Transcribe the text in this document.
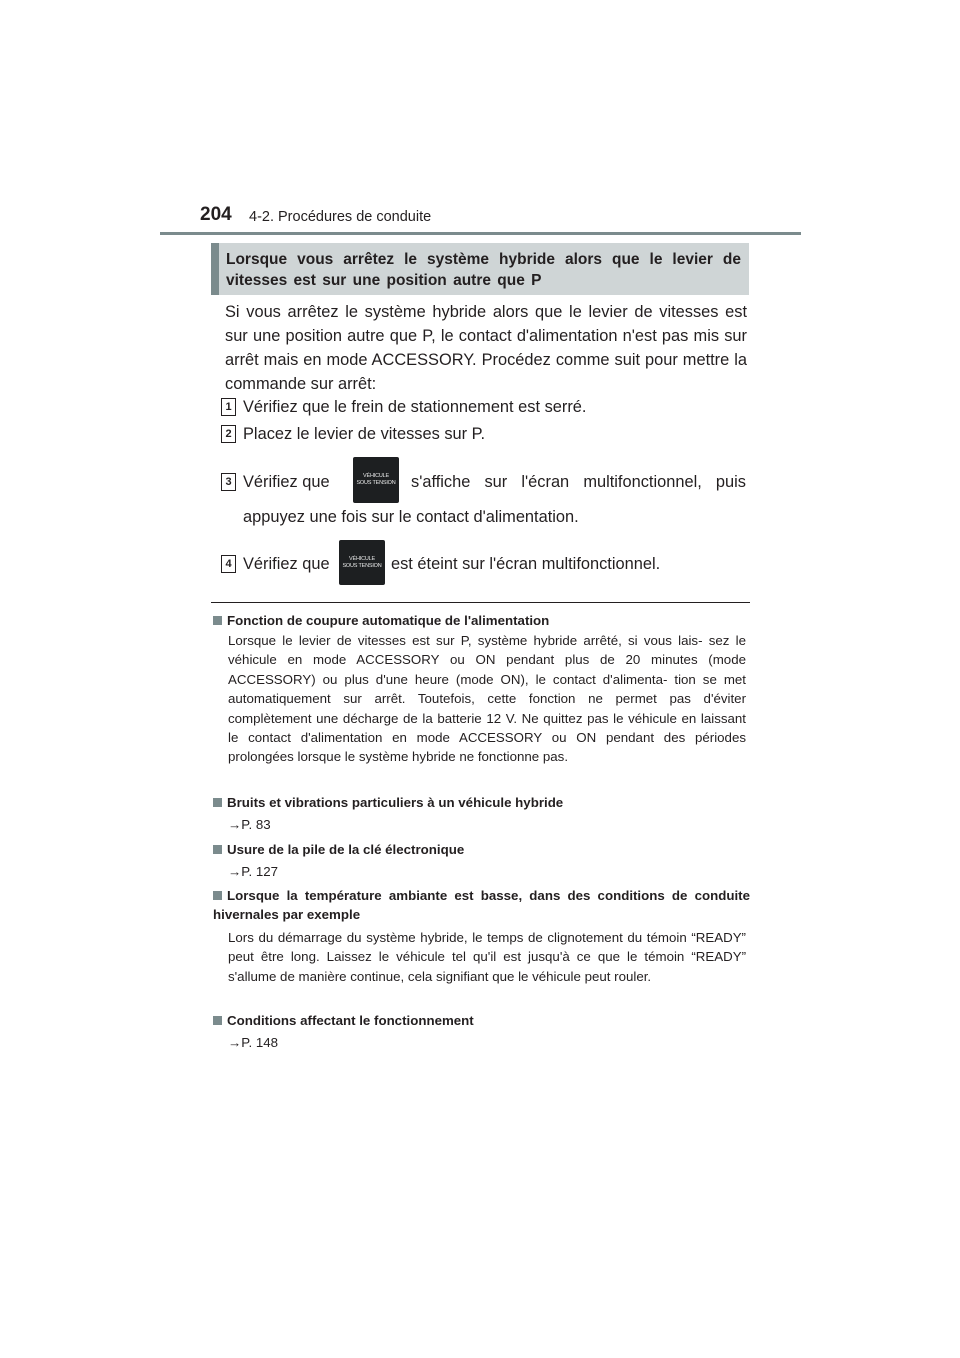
204 4-2. Procédures de conduite
Lorsque vous arrêtez le système hybride alors que le levier de vitesses est sur une position autre que P
Si vous arrêtez le système hybride alors que le levier de vitesses est sur une position autre que P, le contact d'alimentation n'est pas mis sur arrêt mais en mode ACCESSORY. Procédez comme suit pour mettre la commande sur arrêt:
1 Vérifiez que le frein de stationnement est serré.
2 Placez le levier de vitesses sur P.
3 Vérifiez que	VÉHICULE
SOUS TENSION s'affiche sur l'écran multifonctionnel, puis
appuyez une fois sur le contact d'alimentation.
4 Vérifiez que	VÉHICULE
SOUS TENSION est éteint sur l'écran multifonctionnel.
Fonction de coupure automatique de l'alimentation
Lorsque le levier de vitesses est sur P, système hybride arrêté, si vous lais- sez le véhicule en mode ACCESSORY ou ON pendant plus de 20 minutes (mode ACCESSORY) ou plus d'une heure (mode ON), le contact d'alimenta- tion se met automatiquement sur arrêt. Toutefois, cette fonction ne permet pas d'éviter complètement une décharge de la batterie 12 V. Ne quittez pas le véhicule en laissant le contact d'alimentation en mode ACCESSORY ou ON pendant des périodes prolongées lorsque le système hybride ne fonctionne pas.
Bruits et vibrations particuliers à un véhicule hybride
→P. 83
Usure de la pile de la clé électronique
→P. 127
Lorsque la température ambiante est basse, dans des conditions de conduite hivernales par exemple
Lors du démarrage du système hybride, le temps de clignotement du témoin “READY” peut être long. Laissez le véhicule tel qu'il est jusqu'à ce que le témoin “READY” s'allume de manière continue, cela signifiant que le véhicule peut rouler.
Conditions affectant le fonctionnement
→P. 148
